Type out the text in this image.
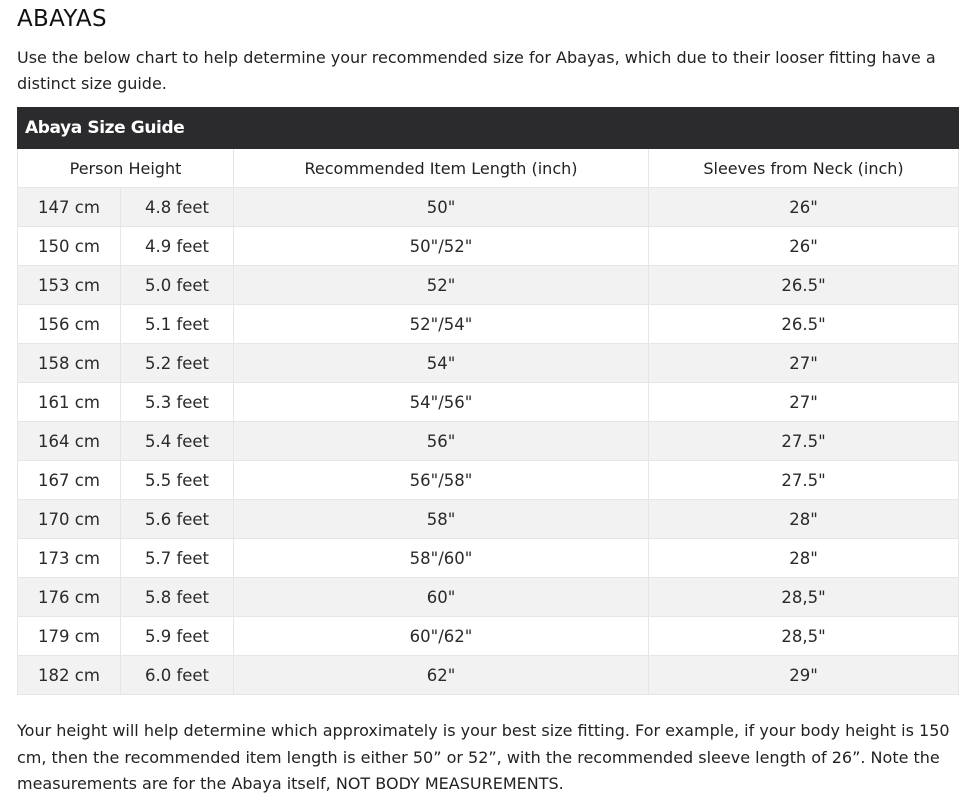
ABAYAS

Use the below chart to help determine your recommended size for Abayas, which due to their looser fitting have a distinct size guide.

Abaya Size Guide			
Person Height		Recommended Item Length (inch)	Sleeves from Neck (inch)
147 cm	4.8 feet	50"	26"
150 cm	4.9 feet	50"/52"	26"
153 cm	5.0 feet	52"	26.5"
156 cm	5.1 feet	52"/54"	26.5"
158 cm	5.2 feet	54"	27"
161 cm	5.3 feet	54"/56"	27"
164 cm	5.4 feet	56"	27.5"
167 cm	5.5 feet	56"/58"	27.5"
170 cm	5.6 feet	58"	28"
173 cm	5.7 feet	58"/60"	28"
176 cm	5.8 feet	60"	28,5"
179 cm	5.9 feet	60"/62"	28,5"
182 cm	6.0 feet	62"	29"

Your height will help determine which approximately is your best size fitting. For example, if your body height is 150 cm, then the recommended item length is either 50” or 52”, with the recommended sleeve length of 26”. Note the measurements are for the Abaya itself, NOT BODY MEASUREMENTS.
